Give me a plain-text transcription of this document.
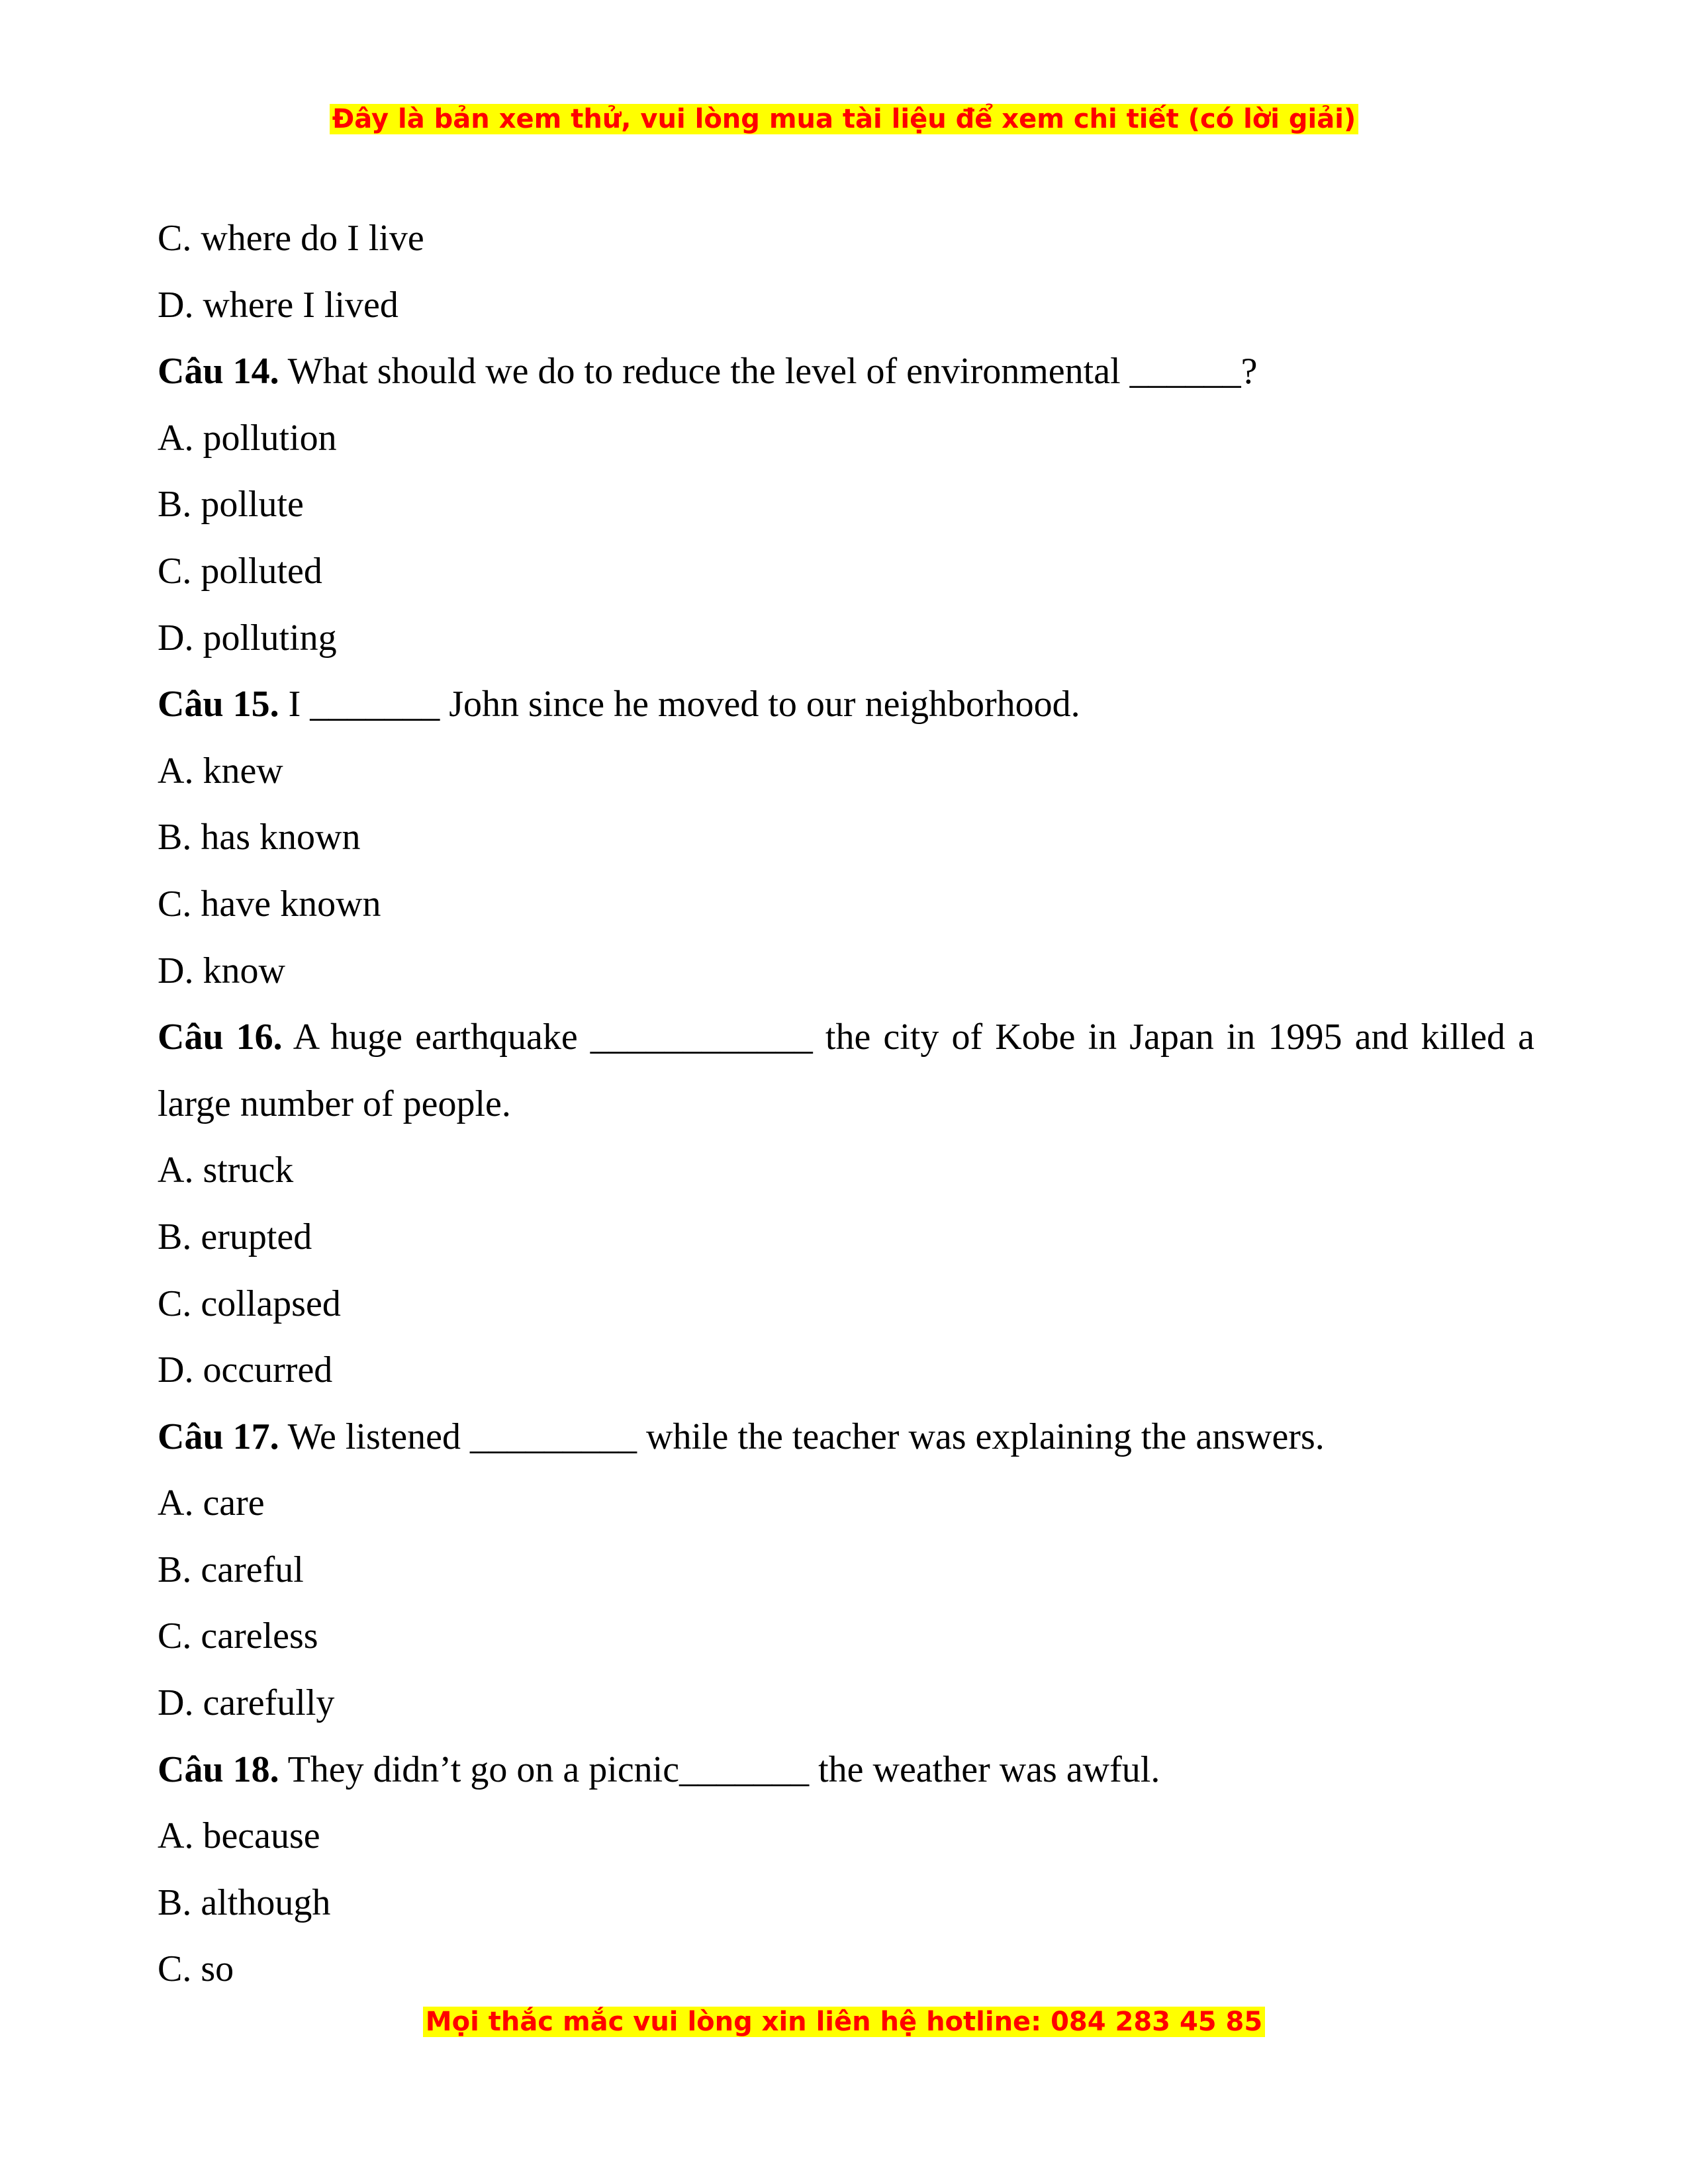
Đây là bản xem thử, vui lòng mua tài liệu để xem chi tiết (có lời giải)
C. where do I live
D. where I lived
Câu 14. What should we do to reduce the level of environmental ______?
A. pollution
B. pollute
C. polluted
D. polluting
Câu 15. I _______ John since he moved to our neighborhood.
A. knew
B. has known
C. have known
D. know
Câu 16. A huge earthquake ____________ the city of Kobe in Japan in 1995 and killed a large number of people.
A. struck
B. erupted
C. collapsed
D. occurred
Câu 17. We listened _________ while the teacher was explaining the answers.
A. care
B. careful
C. careless
D. carefully
Câu 18. They didn’t go on a picnic_______ the weather was awful.
A. because
B. although
C. so
Mọi thắc mắc vui lòng xin liên hệ hotline: 084 283 45 85
